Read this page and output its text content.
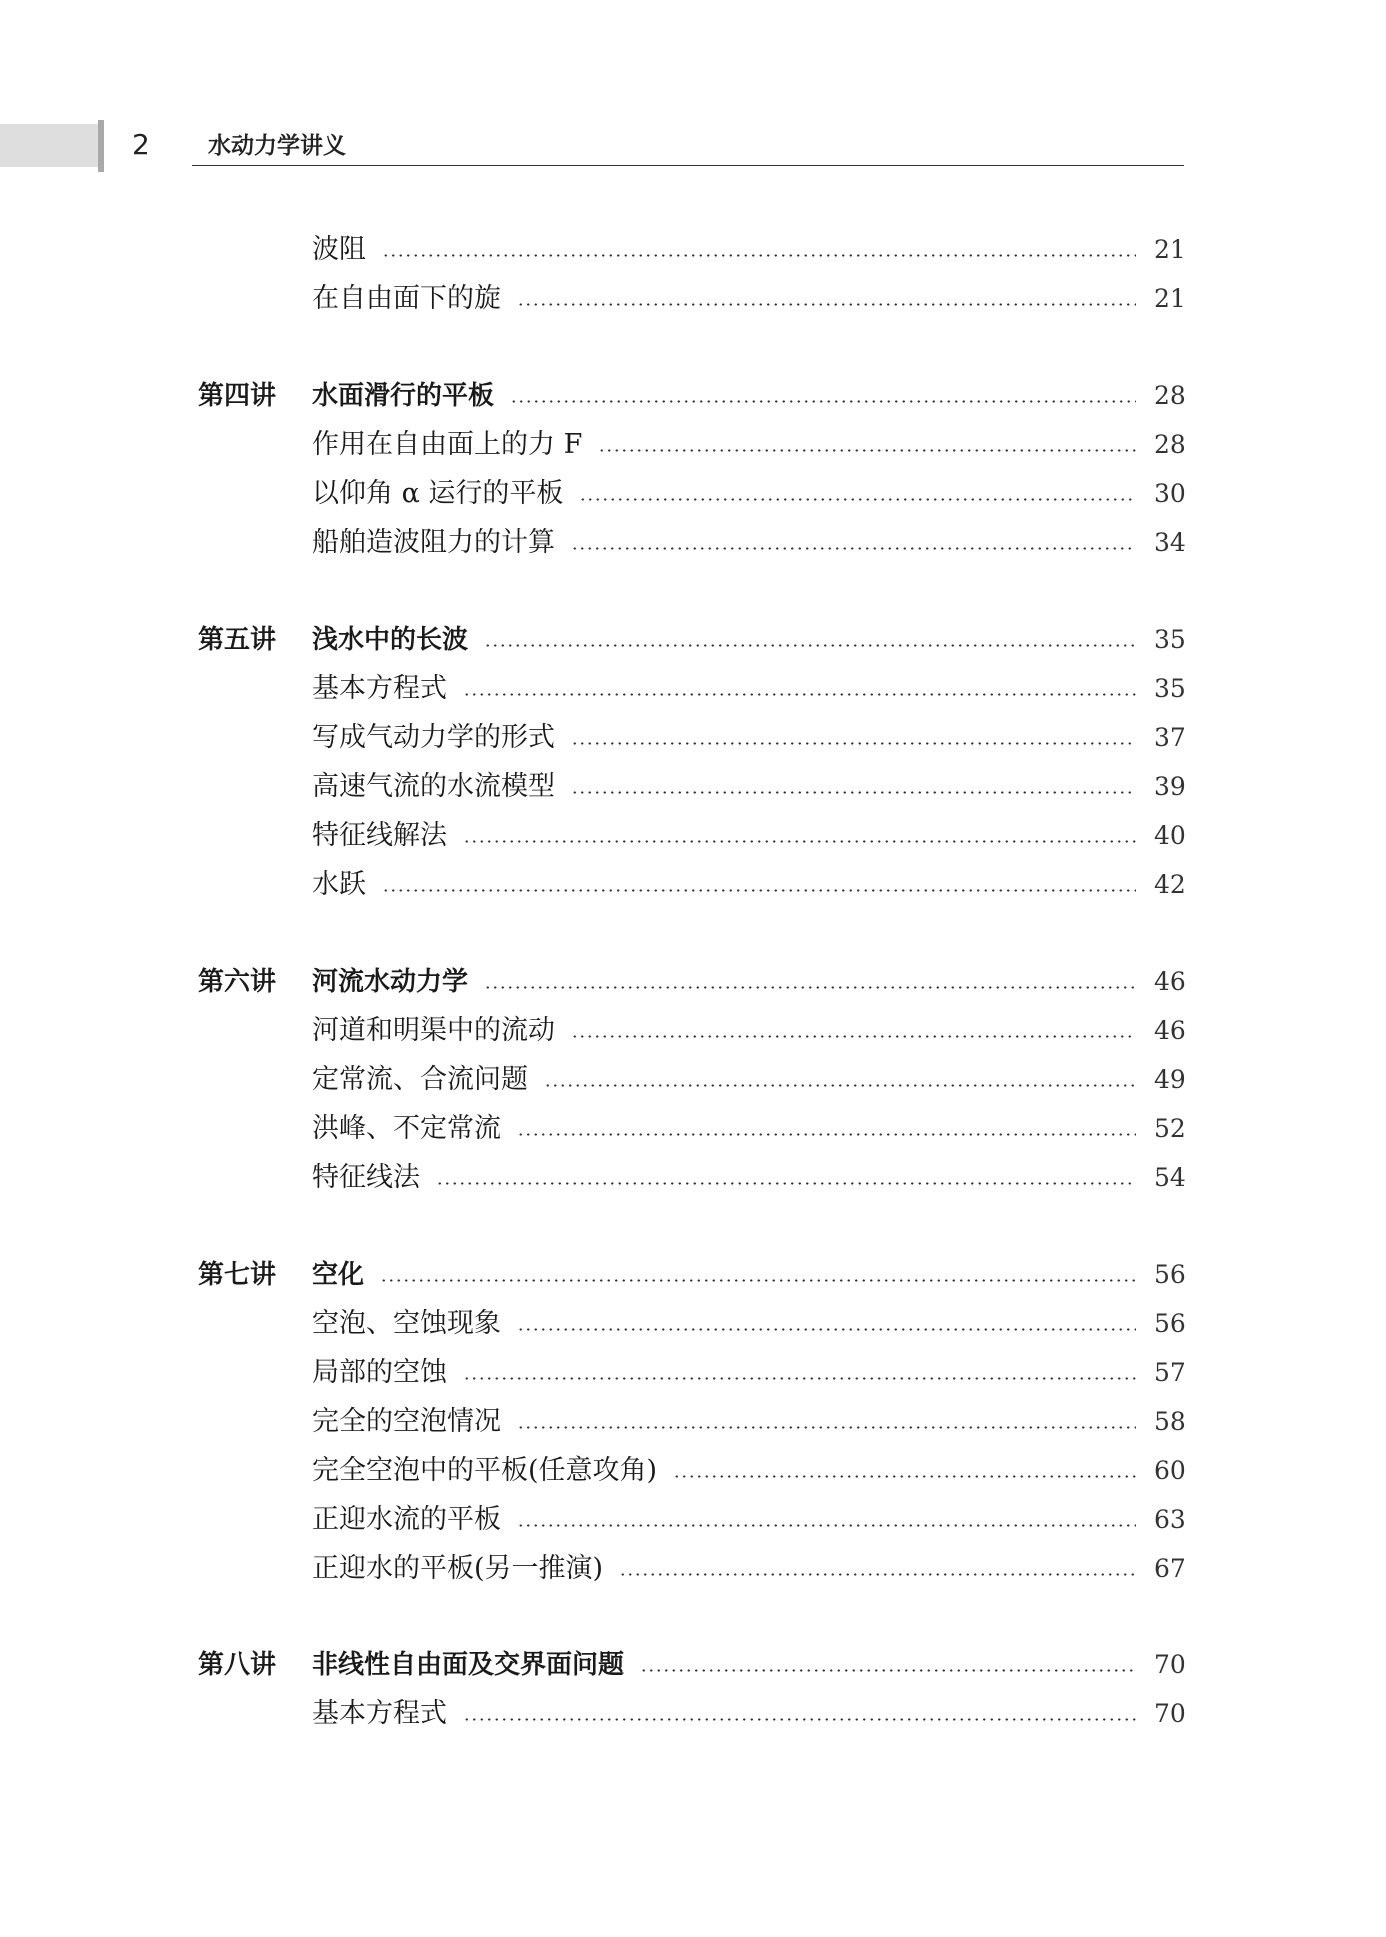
2	水动力学讲义
波阻	21
在自由面下的旋	21
第四讲 水面滑行的平板	28
作用在自由面上的力 F	28
以仰角 α 运行的平板	30
船舶造波阻力的计算	34
第五讲 浅水中的长波	35
基本方程式	35
写成气动力学的形式	37
高速气流的水流模型	39
特征线解法	40
水跃	42
第六讲 河流水动力学	46
河道和明渠中的流动	46
定常流、合流问题	49
洪峰、不定常流	52
特征线法	54
第七讲 空化	56
空泡、空蚀现象	56
局部的空蚀	57
完全的空泡情况	58
完全空泡中的平板(任意攻角)	60
正迎水流的平板	63
正迎水的平板(另一推演)	67
第八讲 非线性自由面及交界面问题	70
基本方程式	70
